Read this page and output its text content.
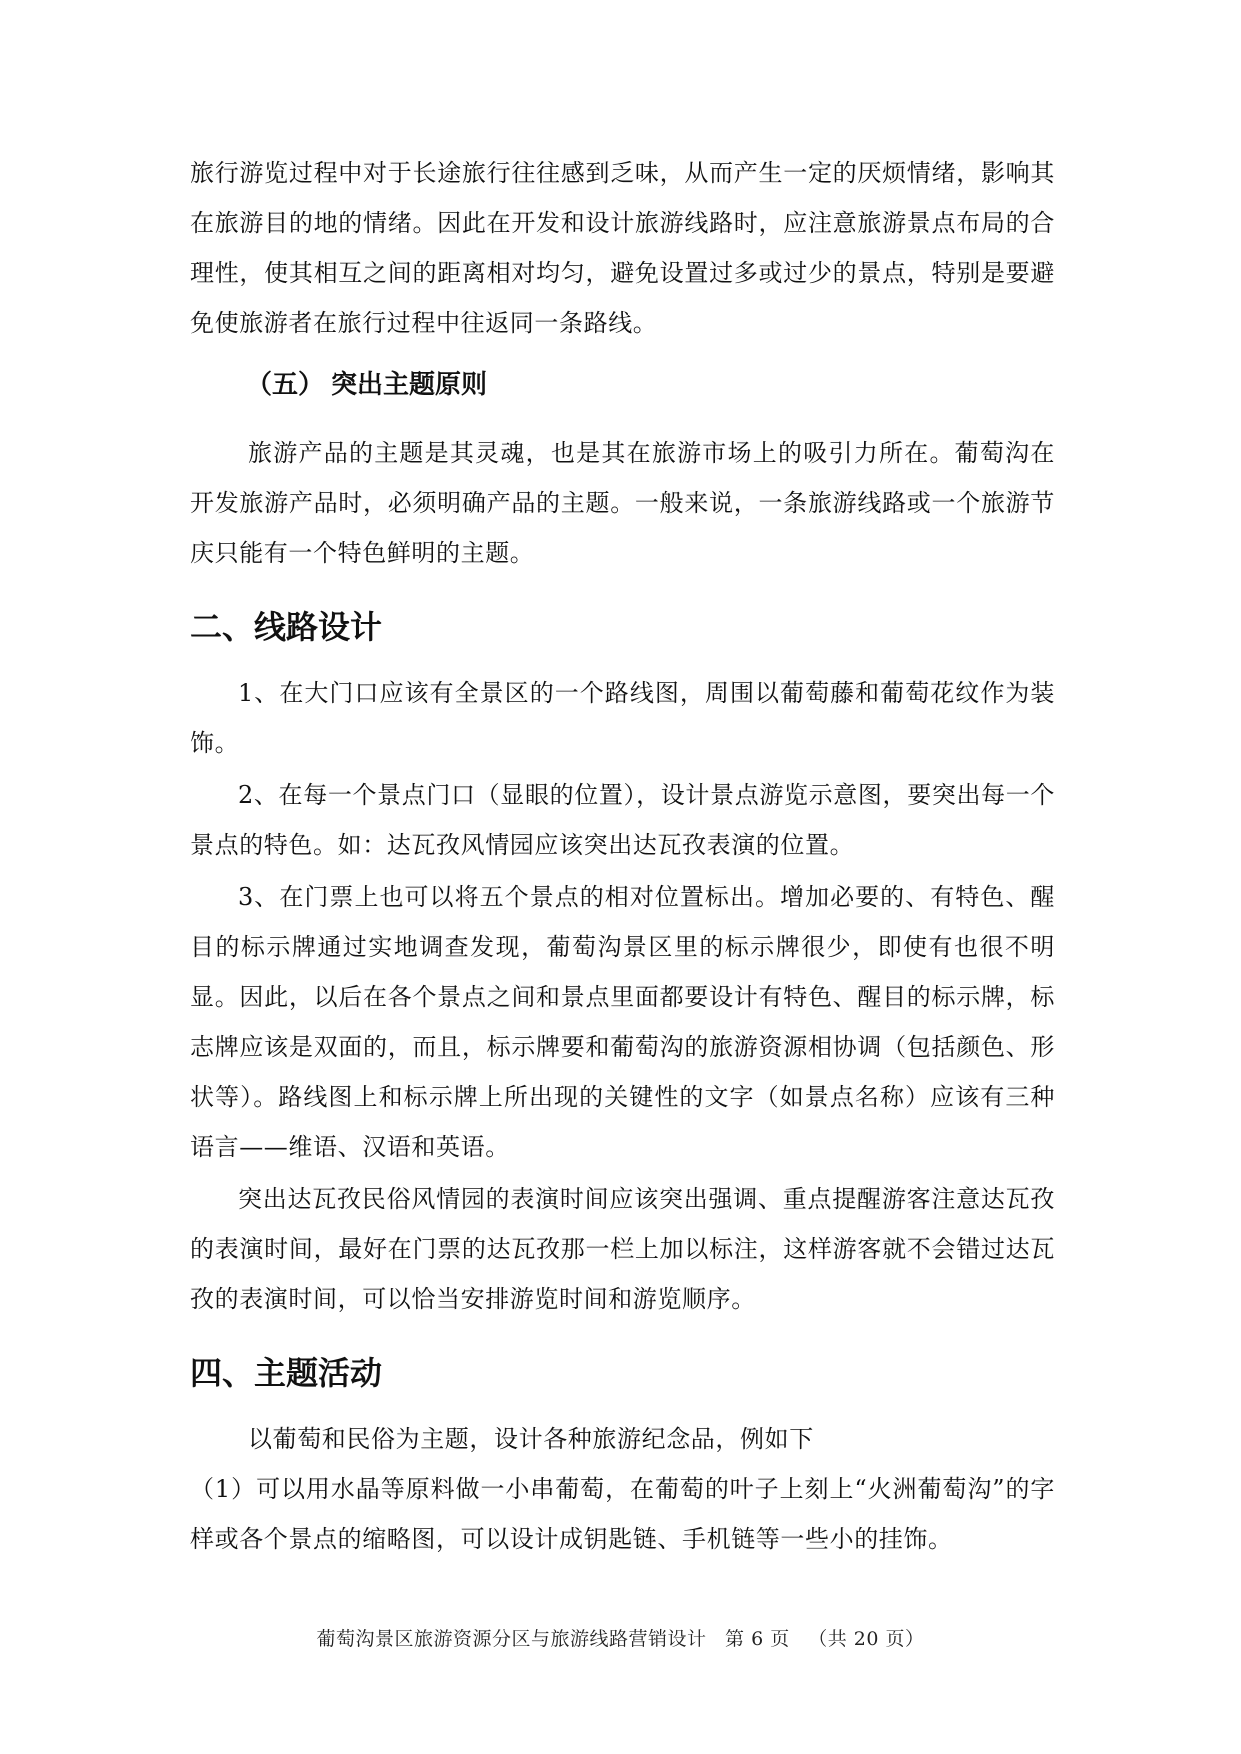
旅行游览过程中对于长途旅行往往感到乏味，从而产生一定的厌烦情绪，影响其在旅游目的地的情绪。因此在开发和设计旅游线路时，应注意旅游景点布局的合理性，使其相互之间的距离相对均匀，避免设置过多或过少的景点，特别是要避免使旅游者在旅行过程中往返同一条路线。

（五） 突出主题原则

旅游产品的主题是其灵魂，也是其在旅游市场上的吸引力所在。葡萄沟在开发旅游产品时，必须明确产品的主题。一般来说，一条旅游线路或一个旅游节庆只能有一个特色鲜明的主题。

二、线路设计

1、在大门口应该有全景区的一个路线图，周围以葡萄藤和葡萄花纹作为装饰。

2、在每一个景点门口（显眼的位置），设计景点游览示意图，要突出每一个景点的特色。如：达瓦孜风情园应该突出达瓦孜表演的位置。

3、在门票上也可以将五个景点的相对位置标出。增加必要的、有特色、醒目的标示牌通过实地调查发现，葡萄沟景区里的标示牌很少，即使有也很不明显。因此，以后在各个景点之间和景点里面都要设计有特色、醒目的标示牌，标志牌应该是双面的，而且，标示牌要和葡萄沟的旅游资源相协调（包括颜色、形状等）。路线图上和标示牌上所出现的关键性的文字（如景点名称）应该有三种语言——维语、汉语和英语。

突出达瓦孜民俗风情园的表演时间应该突出强调、重点提醒游客注意达瓦孜的表演时间，最好在门票的达瓦孜那一栏上加以标注，这样游客就不会错过达瓦孜的表演时间，可以恰当安排游览时间和游览顺序。

四、主题活动

以葡萄和民俗为主题，设计各种旅游纪念品，例如下

（1）可以用水晶等原料做一小串葡萄，在葡萄的叶子上刻上“火洲葡萄沟”的字样或各个景点的缩略图，可以设计成钥匙链、手机链等一些小的挂饰。

葡萄沟景区旅游资源分区与旅游线路营销设计 第 6 页 （共 20 页）
